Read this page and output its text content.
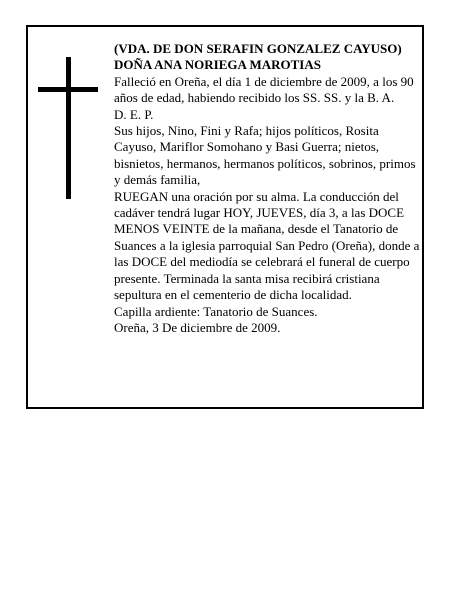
(VDA. DE DON SERAFIN GONZALEZ CAYUSO)

DOÑA ANA NORIEGA MAROTIAS

Falleció en Oreña, el día 1 de diciembre de 2009, a los 90 años de edad, habiendo recibido los SS. SS. y la B. A.

D. E. P.

Sus hijos, Nino, Fini y Rafa; hijos políticos, Rosita Cayuso, Mariflor Somohano y Basi Guerra; nietos, bisnietos, hermanos, hermanos políticos, sobrinos, primos y demás familia,

RUEGAN una oración por su alma. La conducción del cadáver tendrá lugar HOY, JUEVES, día 3, a las DOCE MENOS VEINTE de la mañana, desde el Tanatorio de Suances a la iglesia parroquial San Pedro (Oreña), donde a las DOCE del mediodía se celebrará el funeral de cuerpo presente. Terminada la santa misa recibirá cristiana sepultura en el cementerio de dicha localidad.

Capilla ardiente: Tanatorio de Suances.

Oreña, 3 De diciembre de 2009.
